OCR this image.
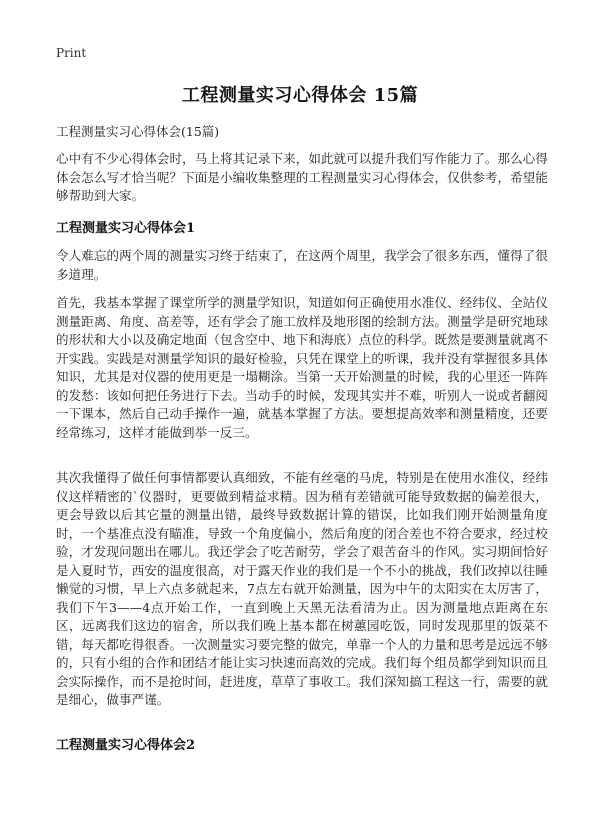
Print
工程测量实习心得体会 15篇
工程测量实习心得体会(15篇)
心中有不少心得体会时，马上将其记录下来，如此就可以提升我们写作能力了。那么心得体会怎么写才恰当呢？下面是小编收集整理的工程测量实习心得体会，仅供参考，希望能够帮助到大家。
工程测量实习心得体会1
令人难忘的两个周的测量实习终于结束了，在这两个周里，我学会了很多东西，懂得了很多道理。
首先，我基本掌握了课堂所学的测量学知识，知道如何正确使用水准仪、经纬仪、全站仪测量距离、角度、高差等，还有学会了施工放样及地形图的绘制方法。测量学是研究地球的形状和大小以及确定地面（包含空中、地下和海底）点位的科学。既然是要测量就离不开实践。实践是对测量学知识的最好检验，只凭在课堂上的听课，我并没有掌握很多具体知识，尤其是对仪器的使用更是一塌糊涂。当第一天开始测量的时候，我的心里还一阵阵的发愁：该如何把任务进行下去。当动手的时候，发现其实并不难，听别人一说或者翻阅一下课本，然后自己动手操作一遍，就基本掌握了方法。要想提高效率和测量精度，还要经常练习，这样才能做到举一反三。
其次我懂得了做任何事情都要认真细致，不能有丝毫的马虎，特别是在使用水准仪，经纬仪这样精密的`仪器时，更要做到精益求精。因为稍有差错就可能导致数据的偏差很大，更会导致以后其它量的测量出错，最终导致数据计算的错误，比如我们刚开始测量角度时，一个基准点没有瞄准，导致一个角度偏小，然后角度的闭合差也不符合要求，经过校验，才发现问题出在哪儿。我还学会了吃苦耐劳，学会了艰苦奋斗的作风。实习期间恰好是入夏时节，西安的温度很高，对于露天作业的我们是一个不小的挑战，我们改掉以往睡懒觉的习惯，早上六点多就起来，7点左右就开始测量，因为中午的太阳实在太厉害了，我们下午3——4点开始工作，一直到晚上天黑无法看清为止。因为测量地点距离在东区，远离我们这边的宿舍，所以我们晚上基本都在树蕙园吃饭，同时发现那里的饭菜不错，每天都吃得很香。一次测量实习要完整的做完，单靠一个人的力量和思考是远远不够的，只有小组的合作和团结才能让实习快速而高效的完成。我们每个组员都学到知识而且会实际操作，而不是抢时间，赶进度，草草了事收工。我们深知搞工程这一行，需要的就是细心，做事严谨。
工程测量实习心得体会2
